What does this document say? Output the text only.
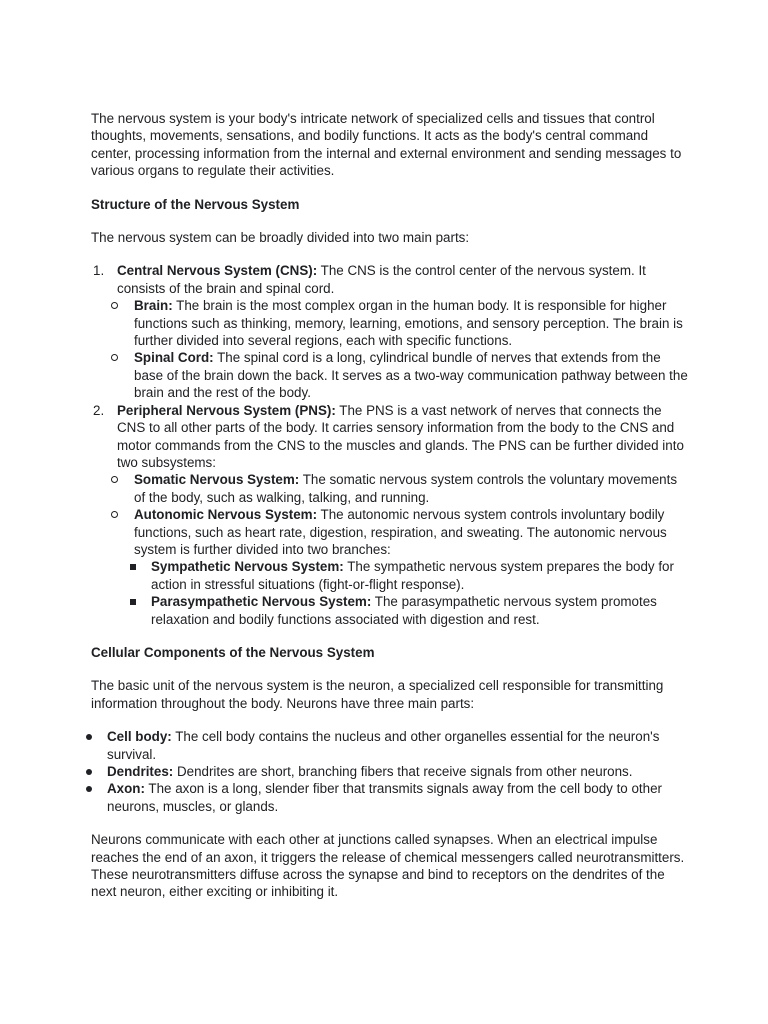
The nervous system is your body's intricate network of specialized cells and tissues that control thoughts, movements, sensations, and bodily functions. It acts as the body's central command center, processing information from the internal and external environment and sending messages to various organs to regulate their activities.

Structure of the Nervous System

The nervous system can be broadly divided into two main parts:

1. Central Nervous System (CNS): The CNS is the control center of the nervous system. It consists of the brain and spinal cord.
Brain: The brain is the most complex organ in the human body. It is responsible for higher functions such as thinking, memory, learning, emotions, and sensory perception. The brain is further divided into several regions, each with specific functions.
Spinal Cord: The spinal cord is a long, cylindrical bundle of nerves that extends from the base of the brain down the back. It serves as a two-way communication pathway between the brain and the rest of the body.
2. Peripheral Nervous System (PNS): The PNS is a vast network of nerves that connects the CNS to all other parts of the body. It carries sensory information from the body to the CNS and motor commands from the CNS to the muscles and glands. The PNS can be further divided into two subsystems:
Somatic Nervous System: The somatic nervous system controls the voluntary movements of the body, such as walking, talking, and running.
Autonomic Nervous System: The autonomic nervous system controls involuntary bodily functions, such as heart rate, digestion, respiration, and sweating. The autonomic nervous system is further divided into two branches:
Sympathetic Nervous System: The sympathetic nervous system prepares the body for action in stressful situations (fight-or-flight response).
Parasympathetic Nervous System: The parasympathetic nervous system promotes relaxation and bodily functions associated with digestion and rest.

Cellular Components of the Nervous System

The basic unit of the nervous system is the neuron, a specialized cell responsible for transmitting information throughout the body. Neurons have three main parts:

Cell body: The cell body contains the nucleus and other organelles essential for the neuron's survival.
Dendrites: Dendrites are short, branching fibers that receive signals from other neurons.
Axon: The axon is a long, slender fiber that transmits signals away from the cell body to other neurons, muscles, or glands.

Neurons communicate with each other at junctions called synapses. When an electrical impulse reaches the end of an axon, it triggers the release of chemical messengers called neurotransmitters. These neurotransmitters diffuse across the synapse and bind to receptors on the dendrites of the next neuron, either exciting or inhibiting it.
